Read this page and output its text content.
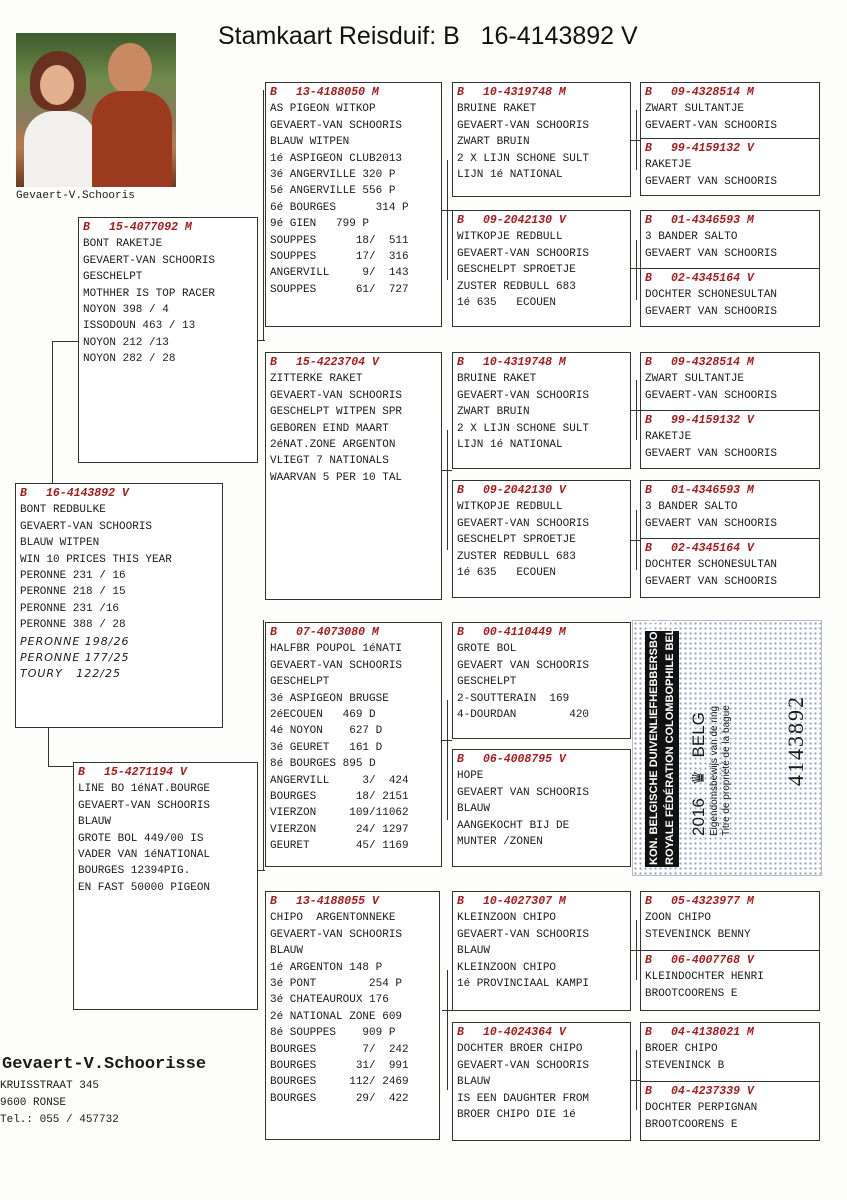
Stamkaart Reisduif: B   16-4143892 V
Gevaert-V.Schooris
B 16-4143892 V
BONT REDBULKE
GEVAERT-VAN SCHOORIS
BLAUW WITPEN
WIN 10 PRICES THIS YEAR
PERONNE 231 / 16
PERONNE 218 / 15
PERONNE 231 /16
PERONNE 388 / 28
PERONNE 198/26
PERONNE 177/25
TOURY   122/25
B 15-4077092 M
BONT RAKETJE
GEVAERT-VAN SCHOORIS
GESCHELPT
MOTHHER IS TOP RACER
NOYON 398 / 4
ISSODOUN 463 / 13
NOYON 212 /13
NOYON 282 / 28
B 15-4271194 V
LINE BO 1éNAT.BOURGE
GEVAERT-VAN SCHOORIS
BLAUW
GROTE BOL 449/00 IS
VADER VAN 1éNATIONAL
BOURGES 12394PIG.
EN FAST 50000 PIGEON
B 13-4188050 M
AS PIGEON WITKOP
GEVAERT-VAN SCHOORIS
BLAUW WITPEN
1é ASPIGEON CLUB2013
3é ANGERVILLE 320 P
5é ANGERVILLE 556 P
6é BOURGES      314 P
9é GIEN   799 P
SOUPPES      18/  511
SOUPPES      17/  316
ANGERVILL     9/  143
SOUPPES      61/  727
B 15-4223704 V
ZITTERKE RAKET
GEVAERT-VAN SCHOORIS
GESCHELPT WITPEN SPR
GEBOREN EIND MAART
2éNAT.ZONE ARGENTON
VLIEGT 7 NATIONALS
WAARVAN 5 PER 10 TAL
B 07-4073080 M
HALFBR POUPOL 1éNATI
GEVAERT-VAN SCHOORIS
GESCHELPT
3é ASPIGEON BRUGSE
2éECOUEN   469 D
4é NOYON    627 D
3é GEURET   161 D
8é BOURGES 895 D
ANGERVILL     3/  424
BOURGES      18/ 2151
VIERZON     109/11062
VIERZON      24/ 1297
GEURET       45/ 1169
B 13-4188055 V
CHIPO  ARGENTONNEKE
GEVAERT-VAN SCHOORIS
BLAUW
1é ARGENTON 148 P
3é PONT        254 P
3é CHATEAUROUX 176
2é NATIONAL ZONE 609
8é SOUPPES    909 P
BOURGES       7/  242
BOURGES      31/  991
BOURGES     112/ 2469
BOURGES      29/  422
B 10-4319748 M
BRUINE RAKET
GEVAERT-VAN SCHOORIS
ZWART BRUIN
2 X LIJN SCHONE SULT
LIJN 1é NATIONAL
B 09-2042130 V
WITKOPJE REDBULL
GEVAERT-VAN SCHOORIS
GESCHELPT SPROETJE
ZUSTER REDBULL 683
1é 635   ECOUEN
B 10-4319748 M
BRUINE RAKET
GEVAERT-VAN SCHOORIS
ZWART BRUIN
2 X LIJN SCHONE SULT
LIJN 1é NATIONAL
B 09-2042130 V
WITKOPJE REDBULL
GEVAERT-VAN SCHOORIS
GESCHELPT SPROETJE
ZUSTER REDBULL 683
1é 635   ECOUEN
B 00-4110449 M
GROTE BOL
GEVAERT VAN SCHOORIS
GESCHELPT
2-SOUTTERAIN  169
4-DOURDAN        420
B 06-4008795 V
HOPE
GEVAERT VAN SCHOORIS
BLAUW
AANGEKOCHT BIJ DE
MUNTER /ZONEN
B 10-4027307 M
KLEINZOON CHIPO
GEVAERT-VAN SCHOORIS
BLAUW
KLEINZOON CHIPO
1é PROVINCIAAL KAMPI
B 10-4024364 V
DOCHTER BROER CHIPO
GEVAERT-VAN SCHOORIS
BLAUW
IS EEN DAUGHTER FROM
BROER CHIPO DIE 1é
B 09-4328514 M
ZWART SULTANTJE
GEVAERT-VAN SCHOORIS
B 99-4159132 V
RAKETJE
GEVAERT VAN SCHOORIS
B 01-4346593 M
3 BANDER SALTO
GEVAERT VAN SCHOORIS
B 02-4345164 V
DOCHTER SCHONESULTAN
GEVAERT VAN SCHOORIS
B 09-4328514 M
ZWART SULTANTJE
GEVAERT-VAN SCHOORIS
B 99-4159132 V
RAKETJE
GEVAERT VAN SCHOORIS
B 01-4346593 M
3 BANDER SALTO
GEVAERT VAN SCHOORIS
B 02-4345164 V
DOCHTER SCHONESULTAN
GEVAERT VAN SCHOORIS
B 05-4323977 M
ZOON CHIPO
STEVENINCK BENNY
B 06-4007768 V
KLEINDOCHTER HENRI
BROOTCOORENS E
B 04-4138021 M
BROER CHIPO
STEVENINCK B
B 04-4237339 V
DOCHTER PERPIGNAN
BROOTCOORENS E
KON. BELGISCHE DUIVENLIEFHEBBERSBOND ROYALE FÉDÉRATION COLOMBOPHILE BELGE 2016 ♛ BELG Eigendomsbewijs van de ring Titre de propriété de la bague 4143892
Gevaert-V.Schoorisse
KRUISSTRAAT 345
9600 RONSE
Tel.: 055 / 457732
